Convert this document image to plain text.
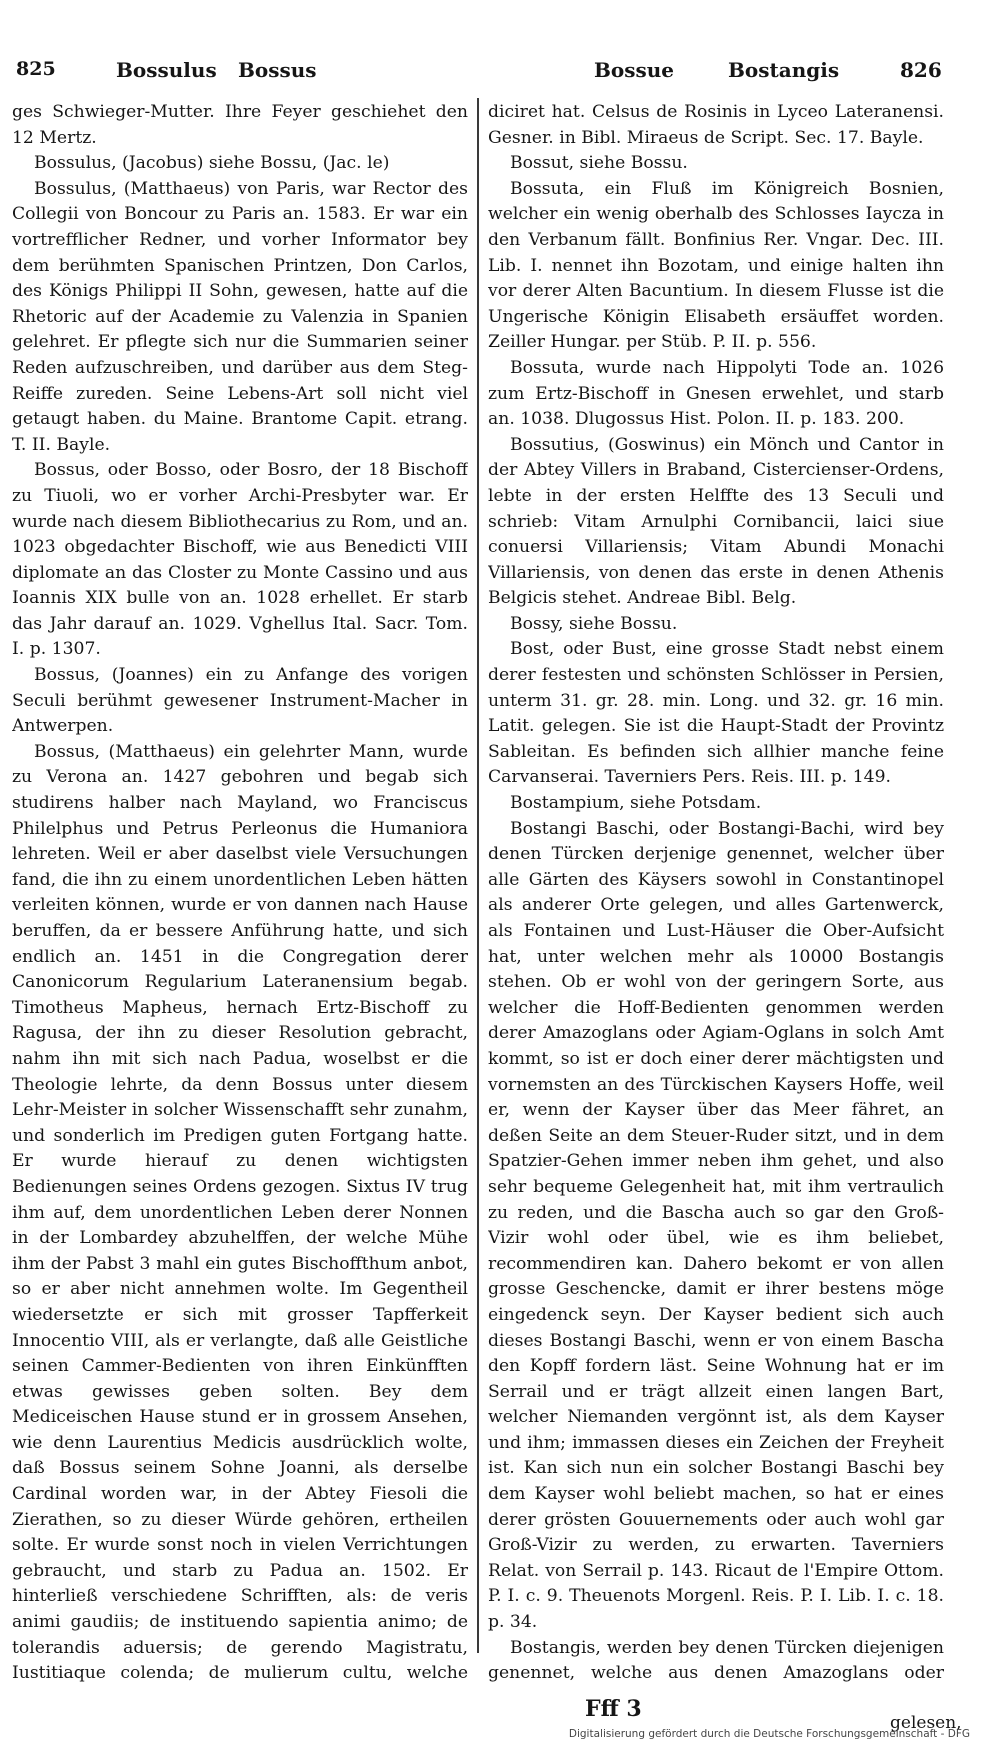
825	Bossulus Bossus	Bossue	Bostangis	826

ges Schwieger-Mutter. Ihre Feyer geschiehet den 12 Mertz.

Bossulus, (Jacobus) siehe Bossu, (Jac. le)

Bossulus, (Matthaeus) von Paris, war Rector des Collegii von Boncour zu Paris an. 1583. Er war ein vortrefflicher Redner, und vorher Informator bey dem berühmten Spanischen Printzen, Don Carlos, des Königs Philippi II Sohn, gewesen, hatte auf die Rhetoric auf der Academie zu Valenzia in Spanien gelehret. Er pflegte sich nur die Summarien seiner Reden aufzuschreiben, und darüber aus dem Steg-Reiffe zureden. Seine Lebens-Art soll nicht viel getaugt haben. du Maine. Brantome Capit. etrang. T. II. Bayle.

Bossus, oder Bosso, oder Bosro, der 18 Bischoff zu Tiuoli, wo er vorher Archi-Presbyter war. Er wurde nach diesem Bibliothecarius zu Rom, und an. 1023 obgedachter Bischoff, wie aus Benedicti VIII diplomate an das Closter zu Monte Cassino und aus Ioannis XIX bulle von an. 1028 erhellet. Er starb das Jahr darauf an. 1029. Vghellus Ital. Sacr. Tom. I. p. 1307.

Bossus, (Joannes) ein zu Anfange des vorigen Seculi berühmt gewesener Instrument-Macher in Antwerpen.

Bossus, (Matthaeus) ein gelehrter Mann, wurde zu Verona an. 1427 gebohren und begab sich studirens halber nach Mayland, wo Franciscus Philelphus und Petrus Perleonus die Humaniora lehreten. Weil er aber daselbst viele Versuchungen fand, die ihn zu einem unordentlichen Leben hätten verleiten können, wurde er von dannen nach Hause beruffen, da er bessere Anführung hatte, und sich endlich an. 1451 in die Congregation derer Canonicorum Regularium Lateranensium begab. Timotheus Mapheus, hernach Ertz-Bischoff zu Ragusa, der ihn zu dieser Resolution gebracht, nahm ihn mit sich nach Padua, woselbst er die Theologie lehrte, da denn Bossus unter diesem Lehr-Meister in solcher Wissenschafft sehr zunahm, und sonderlich im Predigen guten Fortgang hatte. Er wurde hierauf zu denen wichtigsten Bedienungen seines Ordens gezogen. Sixtus IV trug ihm auf, dem unordentlichen Leben derer Nonnen in der Lombardey abzuhelffen, der welche Mühe ihm der Pabst 3 mahl ein gutes Bischoffthum anbot, so er aber nicht annehmen wolte. Im Gegentheil wiedersetzte er sich mit grosser Tapfferkeit Innocentio VIII, als er verlangte, daß alle Geistliche seinen Cammer-Bedienten von ihren Einkünfften etwas gewisses geben solten. Bey dem Mediceischen Hause stund er in grossem Ansehen, wie denn Laurentius Medicis ausdrücklich wolte, daß Bossus seinem Sohne Joanni, als derselbe Cardinal worden war, in der Abtey Fiesoli die Zierathen, so zu dieser Würde gehören, ertheilen solte. Er wurde sonst noch in vielen Verrichtungen gebraucht, und starb zu Padua an. 1502. Er hinterließ verschiedene Schrifften, als: de veris animi gaudiis; de instituendo sapientia animo; de tolerandis aduersis; de gerendo Magistratu, Iustitiaque colenda; de mulierum cultu, welche

diciret hat. Celsus de Rosinis in Lyceo Lateranensi. Gesner. in Bibl. Miraeus de Script. Sec. 17. Bayle.

Bossut, siehe Bossu.

Bossuta, ein Fluß im Königreich Bosnien, welcher ein wenig oberhalb des Schlosses Iaycza in den Verbanum fällt. Bonfinius Rer. Vngar. Dec. III. Lib. I. nennet ihn Bozotam, und einige halten ihn vor derer Alten Bacuntium. In diesem Flusse ist die Ungerische Königin Elisabeth ersäuffet worden. Zeiller Hungar. per Stüb. P. II. p. 556.

Bossuta, wurde nach Hippolyti Tode an. 1026 zum Ertz-Bischoff in Gnesen erwehlet, und starb an. 1038. Dlugossus Hist. Polon. II. p. 183. 200.

Bossutius, (Goswinus) ein Mönch und Cantor in der Abtey Villers in Braband, Cistercienser-Ordens, lebte in der ersten Helffte des 13 Seculi und schrieb: Vitam Arnulphi Cornibancii, laici siue conuersi Villariensis; Vitam Abundi Monachi Villariensis, von denen das erste in denen Athenis Belgicis stehet. Andreae Bibl. Belg.

Bossy, siehe Bossu.

Bost, oder Bust, eine grosse Stadt nebst einem derer festesten und schönsten Schlösser in Persien, unterm 31. gr. 28. min. Long. und 32. gr. 16 min. Latit. gelegen. Sie ist die Haupt-Stadt der Provintz Sableitan. Es befinden sich allhier manche feine Carvanserai. Taverniers Pers. Reis. III. p. 149.

Bostampium, siehe Potsdam.

Bostangi Baschi, oder Bostangi-Bachi, wird bey denen Türcken derjenige genennet, welcher über alle Gärten des Käysers sowohl in Constantinopel als anderer Orte gelegen, und alles Gartenwerck, als Fontainen und Lust-Häuser die Ober-Aufsicht hat, unter welchen mehr als 10000 Bostangis stehen. Ob er wohl von der geringern Sorte, aus welcher die Hoff-Bedienten genommen werden derer Amazoglans oder Agiam-Oglans in solch Amt kommt, so ist er doch einer derer mächtigsten und vornemsten an des Türckischen Kaysers Hoffe, weil er, wenn der Kayser über das Meer fähret, an deßen Seite an dem Steuer-Ruder sitzt, und in dem Spatzier-Gehen immer neben ihm gehet, und also sehr bequeme Gelegenheit hat, mit ihm vertraulich zu reden, und die Bascha auch so gar den Groß-Vizir wohl oder übel, wie es ihm beliebet, recommendiren kan. Dahero bekomt er von allen grosse Geschencke, damit er ihrer bestens möge eingedenck seyn. Der Kayser bedient sich auch dieses Bostangi Baschi, wenn er von einem Bascha den Kopff fordern läst. Seine Wohnung hat er im Serrail und er trägt allzeit einen langen Bart, welcher Niemanden vergönnt ist, als dem Kayser und ihm; immassen dieses ein Zeichen der Freyheit ist. Kan sich nun ein solcher Bostangi Baschi bey dem Kayser wohl beliebt machen, so hat er eines derer grösten Gouuernements oder auch wohl gar Groß-Vizir zu werden, zu erwarten. Taverniers Relat. von Serrail p. 143. Ricaut de l'Empire Ottom. P. I. c. 9. Theuenots Morgenl. Reis. P. I. Lib. I. c. 18. p. 34.

Bostangis, werden bey denen Türcken diejenigen genennet, welche aus denen Amazoglans oder

Fff 3
gelesen,
Digitalisierung gefördert durch die Deutsche Forschungsgemeinschaft - DFG
